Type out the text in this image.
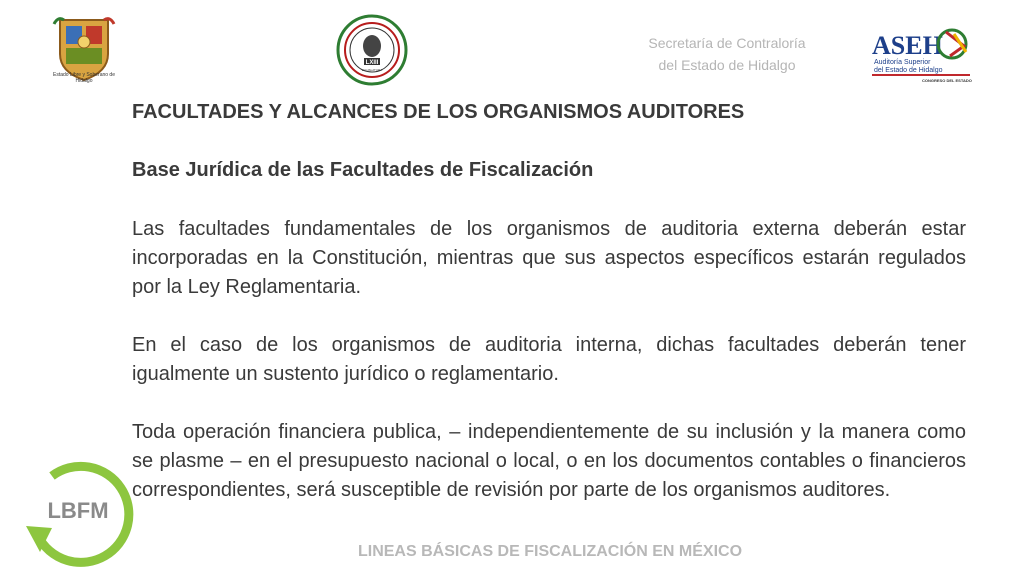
Estado Libre y Soberano de Hidalgo
LXIII
LEGISLATURA
Secretaría de Contraloría
del Estado de Hidalgo
ASEH
Auditoría Superior
del Estado de Hidalgo
CONGRESO DEL ESTADO
FACULTADES Y ALCANCES DE LOS ORGANISMOS AUDITORES
Base Jurídica de las Facultades de Fiscalización

Las facultades fundamentales de los organismos de auditoria externa deberán estar incorporadas en la Constitución, mientras que sus aspectos específicos estarán regulados por la Ley Reglamentaria.

En el caso de los organismos de auditoria interna, dichas facultades deberán tener igualmente un sustento jurídico o reglamentario.

Toda operación financiera publica, – independientemente de su inclusión y la manera como se plasme – en el presupuesto nacional o local, o en los documentos contables o financieros correspondientes, será susceptible de revisión por parte de los organismos auditores.

LBFM
LINEAS BÁSICAS DE FISCALIZACIÓN EN MÉXICO
